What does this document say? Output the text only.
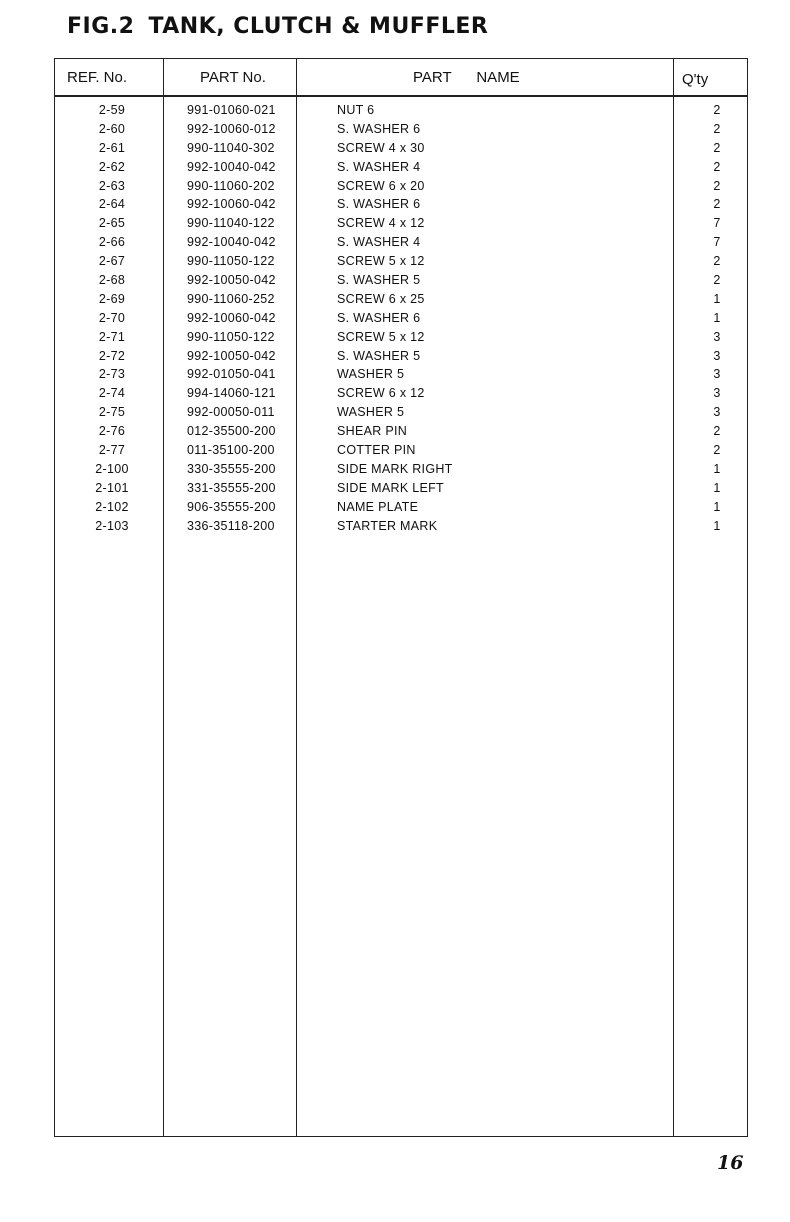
FIG.2 TANK, CLUTCH & MUFFLER
REF. No.	PART No.	PART      NAME	Q'ty
2-59	991-01060-021	NUT 6	2
2-60	992-10060-012	S. WASHER 6	2
2-61	990-11040-302	SCREW 4 x 30	2
2-62	992-10040-042	S. WASHER 4	2
2-63	990-11060-202	SCREW 6 x 20	2
2-64	992-10060-042	S. WASHER 6	2
2-65	990-11040-122	SCREW 4 x 12	7
2-66	992-10040-042	S. WASHER 4	7
2-67	990-11050-122	SCREW 5 x 12	2
2-68	992-10050-042	S. WASHER 5	2
2-69	990-11060-252	SCREW 6 x 25	1
2-70	992-10060-042	S. WASHER 6	1
2-71	990-11050-122	SCREW 5 x 12	3
2-72	992-10050-042	S. WASHER 5	3
2-73	992-01050-041	WASHER 5	3
2-74	994-14060-121	SCREW 6 x 12	3
2-75	992-00050-011	WASHER 5	3
2-76	012-35500-200	SHEAR PIN	2
2-77	011-35100-200	COTTER PIN	2
2-100	330-35555-200	SIDE MARK RIGHT	1
2-101	331-35555-200	SIDE MARK LEFT	1
2-102	906-35555-200	NAME PLATE	1
2-103	336-35118-200	STARTER MARK	1
16
